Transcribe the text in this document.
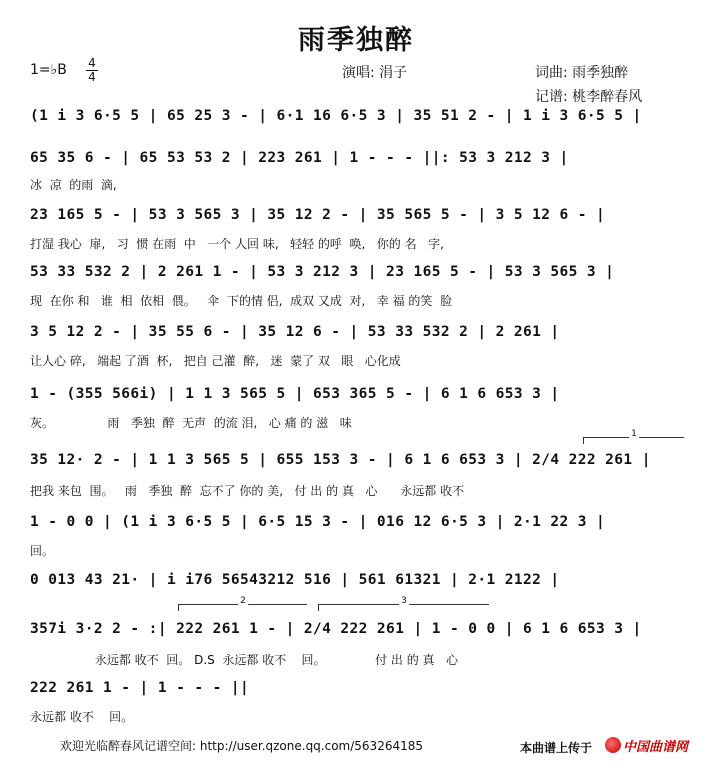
雨季独醉
1=♭B 4
4	演唱: 涓子	词曲: 雨季独醉
记谱: 桃李醉春风
(1 i 3 6·5 5 | 65 25 3 - | 6·1 16 6·5 3 | 35 51 2 - | 1 i 3 6·5 5 |
65 35 6 - | 65 53 53 2 | 223 261 | 1 - - - ||: 53 3 212 3 |
冰  凉  的雨  滴,
23 165 5 - | 53 3 565 3 | 35 12 2 - | 35 565 5 - | 3 5 12 6 - |
打湿 我心  扉,   习  惯 在雨  中   一个 人回 味,   轻轻 的呼  唤,   你的 名   字,
53 33 532 2 | 2 261 1 - | 53 3 212 3 | 23 165 5 - | 53 3 565 3 |
现  在你 和   谁  相  依相  偎。   伞  下的情 侣,  成双 又成  对,   幸 福 的笑  脸
3 5 12 2 - | 35 55 6 - | 35 12 6 - | 53 33 532 2 | 2 261 |
让人心 碎,   端起 了酒  杯,   把自 己灌  醉,   迷  蒙了 双   眼   心化成
1 - (355 566i) | 1 1 3 565 5 | 653 365 5 - | 6 1 6 653 3 |
灰。              雨   季独  醉  无声  的流 泪,   心 痛 的 滋   味
1
35 12· 2 - | 1 1 3 565 5 | 655 153 3 - | 6 1 6 653 3 | 2/4 222 261 |
把我 来包  围。   雨   季独  醉  忘不了 你的 美,   付 出 的 真   心      永远都 收不
1 - 0 0 | (1 i 3 6·5 5 | 6·5 15 3 - | 016 12 6·5 3 | 2·1 22 3 |
回。
0 013 43 21· | i i76 56543212 516 | 561 61321 | 2·1 2122 |
2	3
357i 3·2 2 - :| 222 261 1 - | 2/4 222 261 | 1 - 0 0 | 6 1 6 653 3 |
永远都 收不  回。 D.S  永远都 收不    回。             付 出 的 真   心
222 261 1 - | 1 - - - ||
永远都 收不    回。
欢迎光临醉春风记谱空间: http://user.qzone.qq.com/563264185	本曲谱上传于 中国曲谱网
